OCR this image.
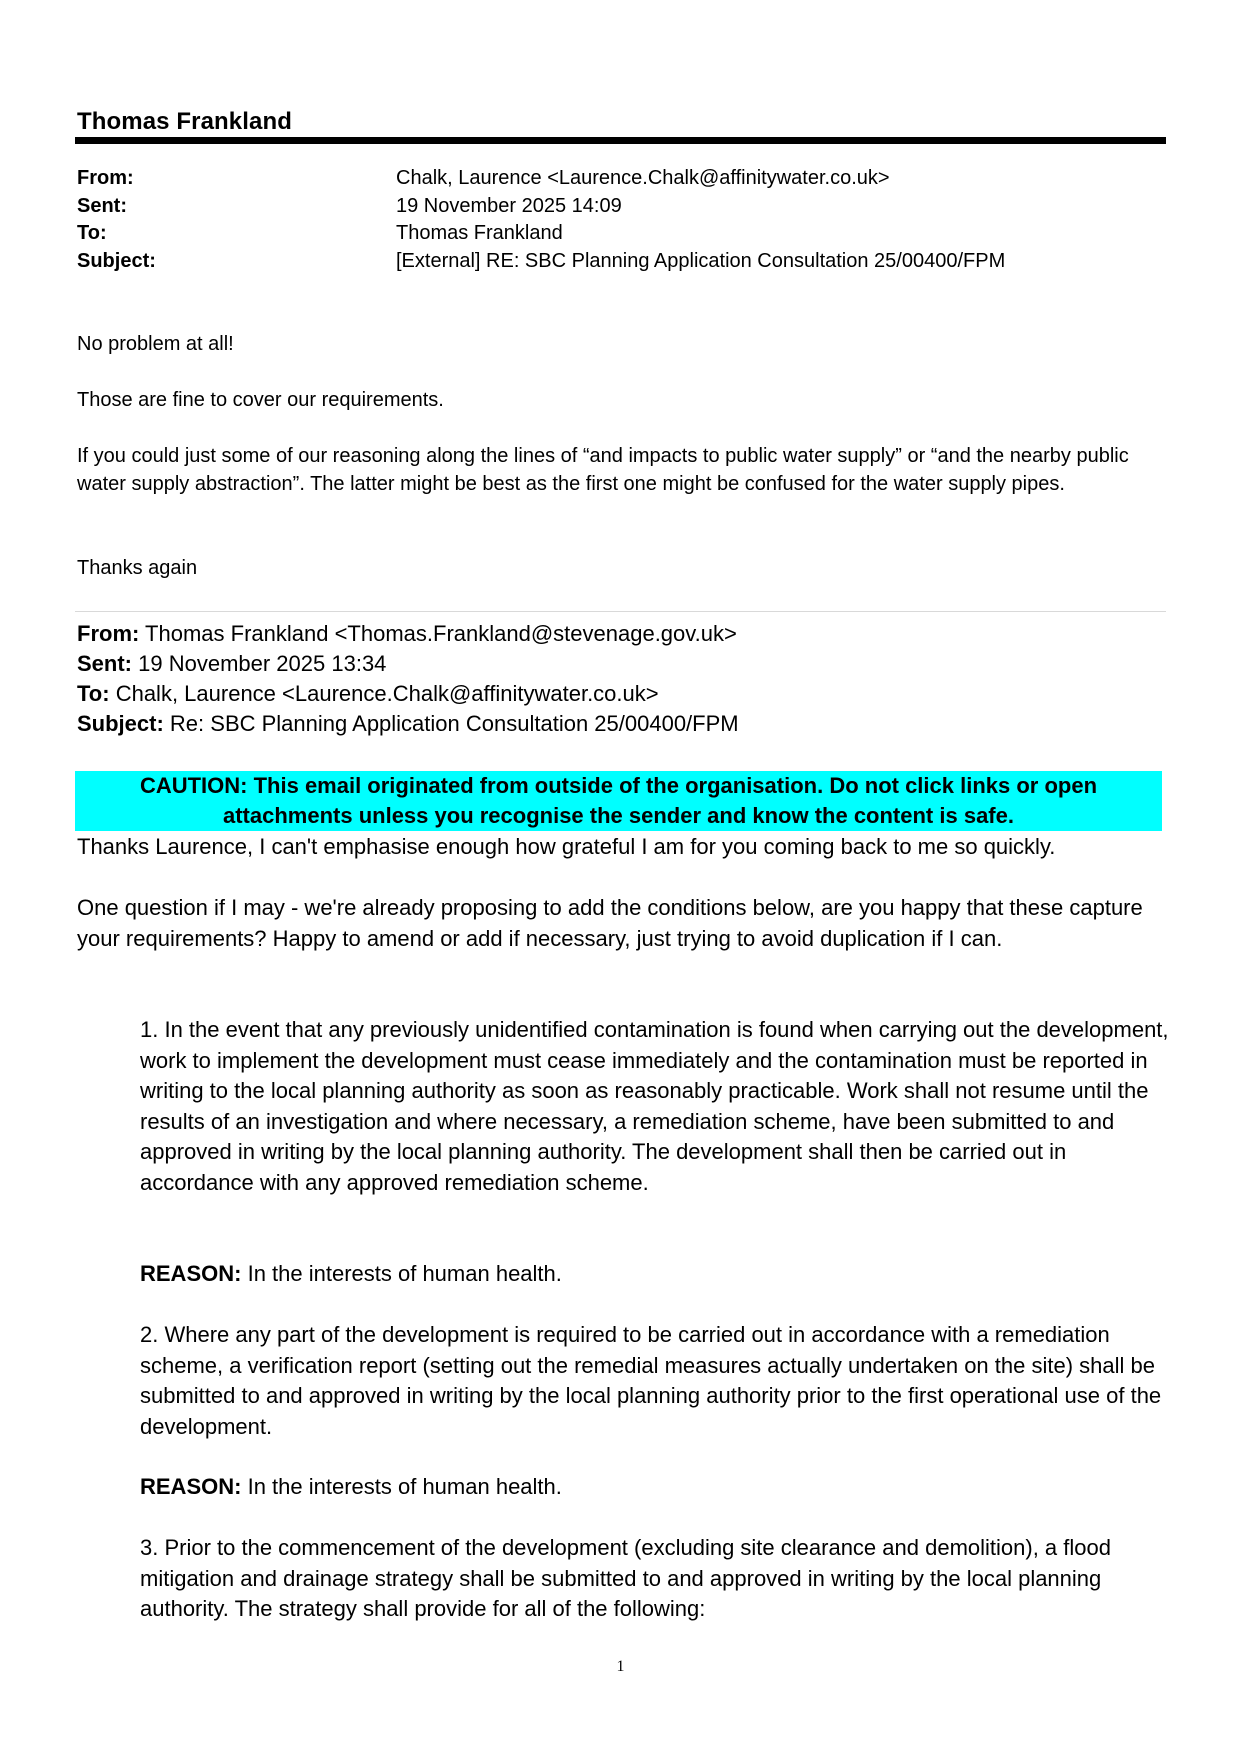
Thomas Frankland
From:	Chalk, Laurence <Laurence.Chalk@affinitywater.co.uk>
Sent:	19 November 2025 14:09
To:	Thomas Frankland
Subject:	[External] RE: SBC Planning Application Consultation 25/00400/FPM
No problem at all!
Those are fine to cover our requirements.
If you could just some of our reasoning along the lines of “and impacts to public water supply” or “and the nearby public water supply abstraction”. The latter might be best as the first one might be confused for the water supply pipes.
Thanks again
From: Thomas Frankland <Thomas.Frankland@stevenage.gov.uk>
Sent: 19 November 2025 13:34
To: Chalk, Laurence <Laurence.Chalk@affinitywater.co.uk>
Subject: Re: SBC Planning Application Consultation 25/00400/FPM
CAUTION: This email originated from outside of the organisation. Do not click links or open attachments unless you recognise the sender and know the content is safe.
Thanks Laurence, I can't emphasise enough how grateful I am for you coming back to me so quickly.
One question if I may - we're already proposing to add the conditions below, are you happy that these capture your requirements? Happy to amend or add if necessary, just trying to avoid duplication if I can.
1. In the event that any previously unidentified contamination is found when carrying out the development, work to implement the development must cease immediately and the contamination must be reported in writing to the local planning authority as soon as reasonably practicable. Work shall not resume until the results of an investigation and where necessary, a remediation scheme, have been submitted to and approved in writing by the local planning authority. The development shall then be carried out in accordance with any approved remediation scheme.
REASON: In the interests of human health.
2. Where any part of the development is required to be carried out in accordance with a remediation scheme, a verification report (setting out the remedial measures actually undertaken on the site) shall be submitted to and approved in writing by the local planning authority prior to the first operational use of the development.
REASON: In the interests of human health.
3. Prior to the commencement of the development (excluding site clearance and demolition), a flood mitigation and drainage strategy shall be submitted to and approved in writing by the local planning authority. The strategy shall provide for all of the following:
1
